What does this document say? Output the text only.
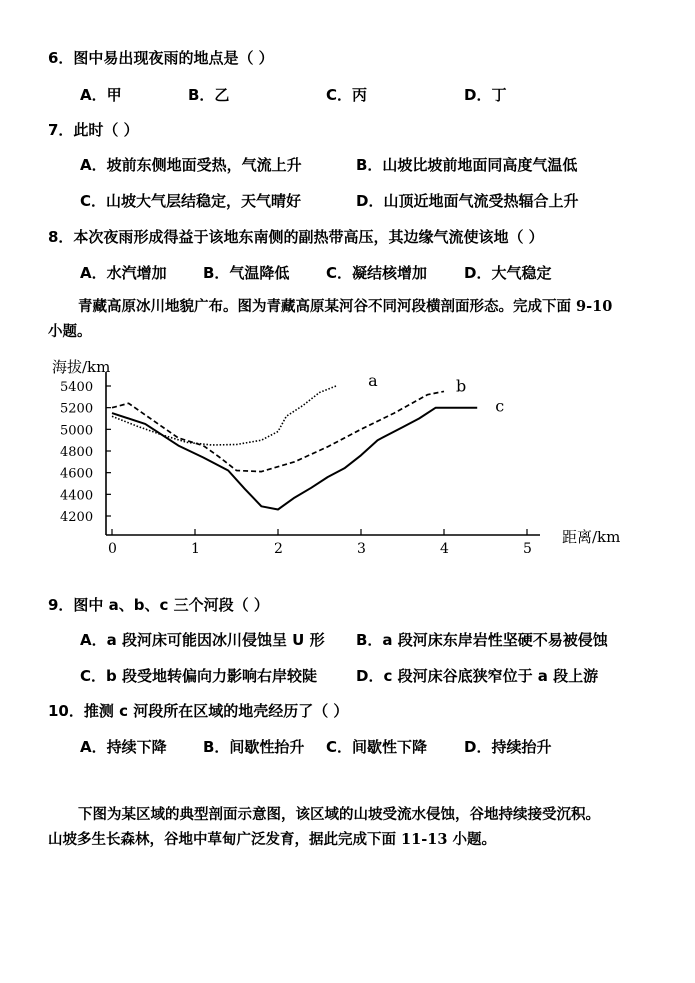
6．图中易出现夜雨的地点是（ ）
A．甲	B．乙	C．丙	D．丁
7．此时（ ）
A．坡前东侧地面受热，气流上升	B．山坡比坡前地面同高度气温低
C．山坡大气层结稳定，天气晴好	D．山顶近地面气流受热辐合上升
8．本次夜雨形成得益于该地东南侧的副热带高压，其边缘气流使该地（ ）
A．水汽增加 B．气温降低 C．凝结核增加 D．大气稳定
青藏高原冰川地貌广布。图为青藏高原某河谷不同河段横剖面形态。完成下面 9-10
小题。
海拔/km
距离/km
5400
5200
5000
4800
4600
4400
4200
0	1	2	3	4	5
a	b
c
9．图中 a、b、c 三个河段（ ）
A．a 段河床可能因冰川侵蚀呈 U 形 B．a 段河床东岸岩性坚硬不易被侵蚀
C．b 段受地转偏向力影响右岸较陡	D．c 段河床谷底狭窄位于 a 段上游
10．推测 c 河段所在区域的地壳经历了（ ）
A．持续下降 B．间歇性抬升 C．间歇性下降 D．持续抬升
下图为某区域的典型剖面示意图，该区域的山坡受流水侵蚀，谷地持续接受沉积。
山坡多生长森林，谷地中草甸广泛发育，据此完成下面 11-13 小题。
